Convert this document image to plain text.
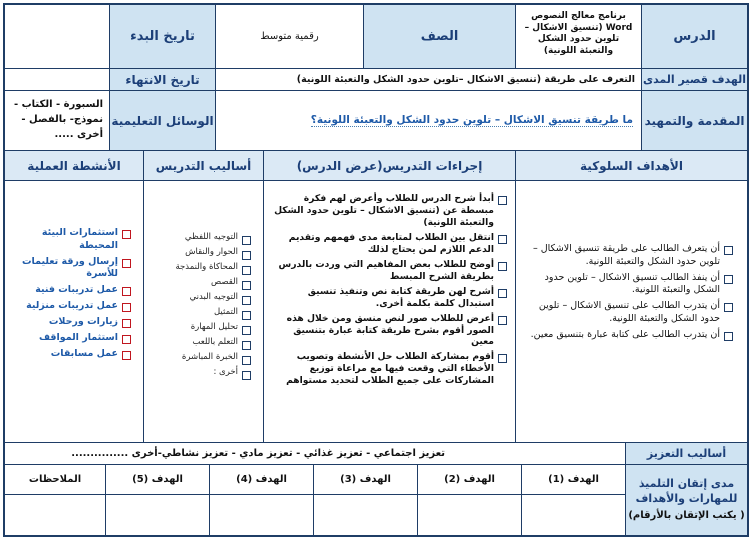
الدرس
برنامج معالج النصوص Word (تنسيق الاشكال – تلوين حدود الشكل والتعبئة اللونية)
الصف
رقمية متوسط
تاريخ البدء
الهدف قصير المدى
التعرف على طريقة (تنسيق الاشكال –تلوين حدود الشكل والتعبئة اللونية)
تاريخ الانتهاء
المقدمة والتمهيد
ما طريقة تنسيق الاشكال – تلوين حدود الشكل والتعبئة اللونية؟
الوسائل التعليمية
السبورة - الكتاب - نموذج- بالفصل - أخرى .....
الأهداف السلوكية
إجراءات التدريس(عرض الدرس)
أساليب التدريس
الأنشطة العملية
أن يتعرف الطالب على طريقة تنسيق الاشكال – تلوين حدود الشكل والتعبئة اللونية.
أن ينفذ الطالب تنسيق الاشكال – تلوين حدود الشكل والتعبئة اللونية.
أن يتدرب الطالب على تنسيق الاشكال – تلوين حدود الشكل والتعبئة اللونية.
أن يتدرب الطالب على كتابة عبارة بتنسيق معين.
أبدأ شرح الدرس للطلاب وأعرض لهم فكرة مبسطة عن (تنسيق الاشكال – تلوين حدود الشكل والتعبئة اللونية)
انتقل بين الطلاب لمتابعة مدى فهمهم وتقديم الدعم اللازم لمن يحتاج لذلك
أوضح للطلاب بعض المفاهيم التي وردت بالدرس بطريقة الشرح المبسط
أشرح لهن طريقة كتابة نص وتنفيذ تنسيق استبدال كلمة بكلمة أخرى.
أعرض للطلاب صور لنص منسق ومن خلال هذه الصور أقوم بشرح طريقة كتابة عبارة بتنسيق معين
أقوم بمشاركة الطلاب حل الأنشطة وتصويب الأخطاء التي وقعت فيها مع مراعاة توزيع المشاركات على جميع الطلاب لتحديد مستواهم
التوجيه اللفظي
الحوار والنقاش
المحاكاة والنمذجة
القصص
التوجيه البدني
التمثيل
تحليل المهارة
التعلم باللعب
الخبرة المباشرة
أخرى :
استثمارات البيئة المحيطة
إرسال ورقة تعليمات للأسرة
عمل تدريبات فنية
عمل تدريبات منزلية
زيارات ورحلات
استثمار المواقف
عمل مسابقات
أساليب التعزيز
تعزيز اجتماعي - تعزيز غذائي - تعزيز مادي - تعزيز نشاطي-أخرى ...............
مدى إتقان التلميذ للمهارات والأهداف
( يكتب الإتقان بالأرقام)
الهدف (1)
الهدف (2)
الهدف (3)
الهدف (4)
الهدف (5)
الملاحظات
